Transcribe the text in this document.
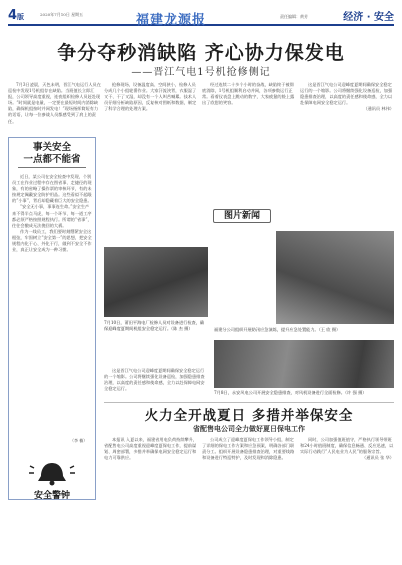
4版	2020年7月10日 星期五	福建龙源报	责任编辑：黄芳	经济 · 安全
争分夺秒消缺陷 齐心协力保发电
——晋江气电1号机抢修侧记

7月3日凌晨，天色未明，晋江气电运行人员在巡检中发现1号机组存在缺陷。当班值长立即汇报，公司领导高度重视，连夜组织检修人员赶赴现场。“时间就是电量，一定要在最短时间内消除缺陷，确保机组按时并网发电！”现场指挥简短有力的话语，让每一位参战人员都感受到了肩上的责任。

抢修现场，设备温度高、空间狭小，检修人员分成几个小组轮番作业。大家汗流浃背，衣服湿了又干、干了又湿，却没有一个人叫苦喊累。技术人员仔细分析缺陷原因，反复核对图纸和数据，制定了科学合理的处理方案。

经过连续二十多个小时的奋战，缺陷终于被彻底消除，1号机组顺利启动并网，各项参数运行正常。看着仪表盘上跳动的数字，大家疲惫的脸上露出了欣慰的笑容。

这是晋江气电公司迎峰度夏期间确保安全稳定运行的一个缩影。公司将继续强化设备巡检，加强隐患排查治理，以高度的责任感和使命感，全力以赴保障电网安全稳定运行。

（通讯员 林伟）

事关安全
一点都不能省

近日，某公司在安全检查中发现，个别员工在作业过程中存在图省事、走捷径的现象，有的省略了操作票的审核环节，有的未按规定佩戴安全防护用品。这些看似不起眼的“小事”，背后却隐藏着巨大的安全隐患。

“安全无小事，事事连生命。”安全生产来不得半点马虎，每一个环节、每一道工序都必须严格按照规程执行。所谓的“省事”，往往会酿成无法挽回的大祸。

作为一线员工，我们要时刻绷紧安全这根弦，牢固树立“安全第一”的思想，把安全规程内化于心、外化于行，做到不安全不作业，真正让安全成为一种习惯。

（李 楠）
安全警钟
图片新闻
7月10日，莆田平海电厂检修人员对设备进行检查，确保迎峰度夏期间机组安全稳定运行。（陈 杰 摄）	福建分公司组织开展防汛应急演练，提升应急处置能力。（王 欣 摄）
7月8日，永安风电公司开展安全隐患排查，对风机设备进行全面检修。（许 强 摄）

这是晋江气电公司迎峰度夏期间确保安全稳定运行的一个缩影。公司将继续强化设备巡检，加强隐患排查治理，以高度的责任感和使命感，全力以赴保障电网安全稳定运行。

火力全开战夏日 多措并举保安全
省配售电公司全力做好夏日保电工作

本报讯 入夏以来，福建省用电负荷持续攀升，省配售电公司高度重视迎峰度夏保电工作，提前谋划、周密部署，多措并举确保电网安全稳定运行和电力可靠供应。

公司成立了迎峰度夏保电工作领导小组，制定了详细的保电工作方案和应急预案，明确各部门职责分工。组织开展设备隐患排查治理，对重要线路和设备进行特巡特护，及时发现和消除隐患。

同时，公司加强值班值守，严格执行领导带班和24小时值班制度，确保信息畅通、反应迅速，以实际行动践行“人民电业为人民”的服务宗旨。

（通讯员 张 华）
